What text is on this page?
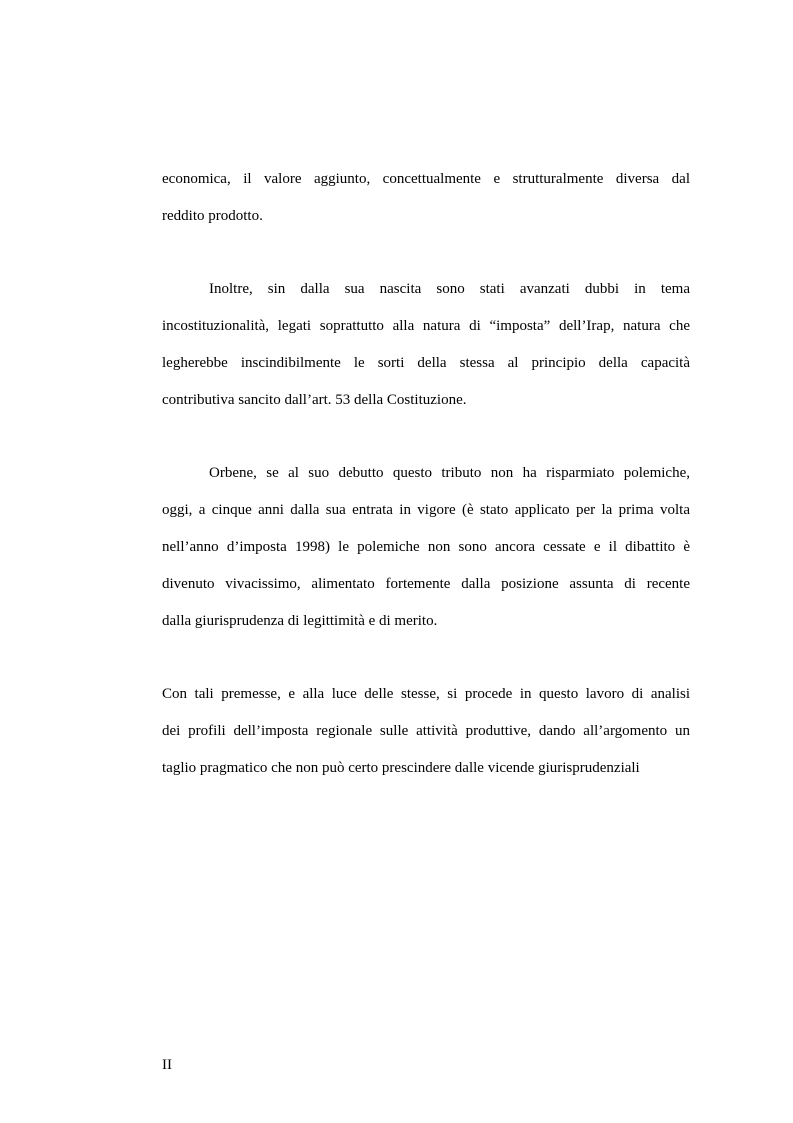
economica, il valore aggiunto, concettualmente e strutturalmente diversa dal
reddito prodotto.
Inoltre, sin dalla sua nascita sono stati avanzati dubbi in tema
incostituzionalità, legati soprattutto alla natura di “imposta” dell’Irap, natura che
legherebbe inscindibilmente le sorti della stessa al principio della capacità
contributiva sancito dall’art. 53 della Costituzione.
Orbene, se al suo debutto questo tributo non ha risparmiato polemiche,
oggi, a cinque anni dalla sua entrata in vigore (è stato applicato per la prima volta
nell’anno d’imposta 1998) le polemiche non sono ancora cessate e il dibattito è
divenuto vivacissimo, alimentato fortemente dalla posizione assunta di recente
dalla giurisprudenza di legittimità e di merito.
Con tali premesse, e alla luce delle stesse, si procede in questo lavoro di analisi
dei profili dell’imposta regionale sulle attività produttive, dando all’argomento un
taglio pragmatico che non può certo prescindere dalle vicende giurisprudenziali
II
